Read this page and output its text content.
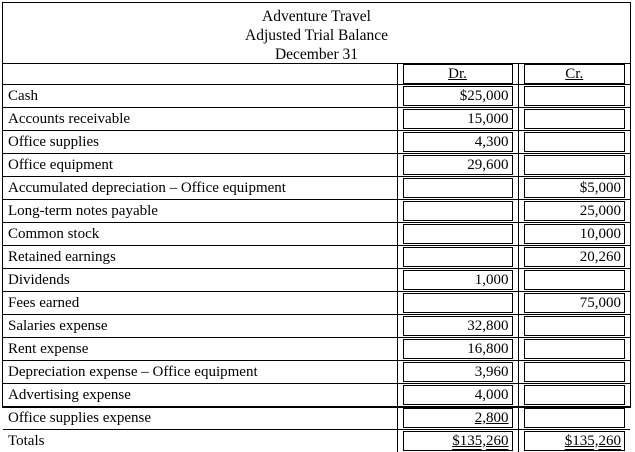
Adventure Travel
Adjusted Trial Balance
December 31

	Dr.	Cr.

Cash	$25,000	

Accounts receivable	15,000	

Office supplies	4,300	

Office equipment	29,600	

Accumulated depreciation – Office equipment		$5,000

Long-term notes payable		25,000

Common stock		10,000

Retained earnings		20,260

Dividends	1,000	

Fees earned		75,000

Salaries expense	32,800	

Rent expense	16,800	

Depreciation expense – Office equipment	3,960	

Advertising expense	4,000	

Office supplies expense	2,800	

Totals	$135,260	$135,260
